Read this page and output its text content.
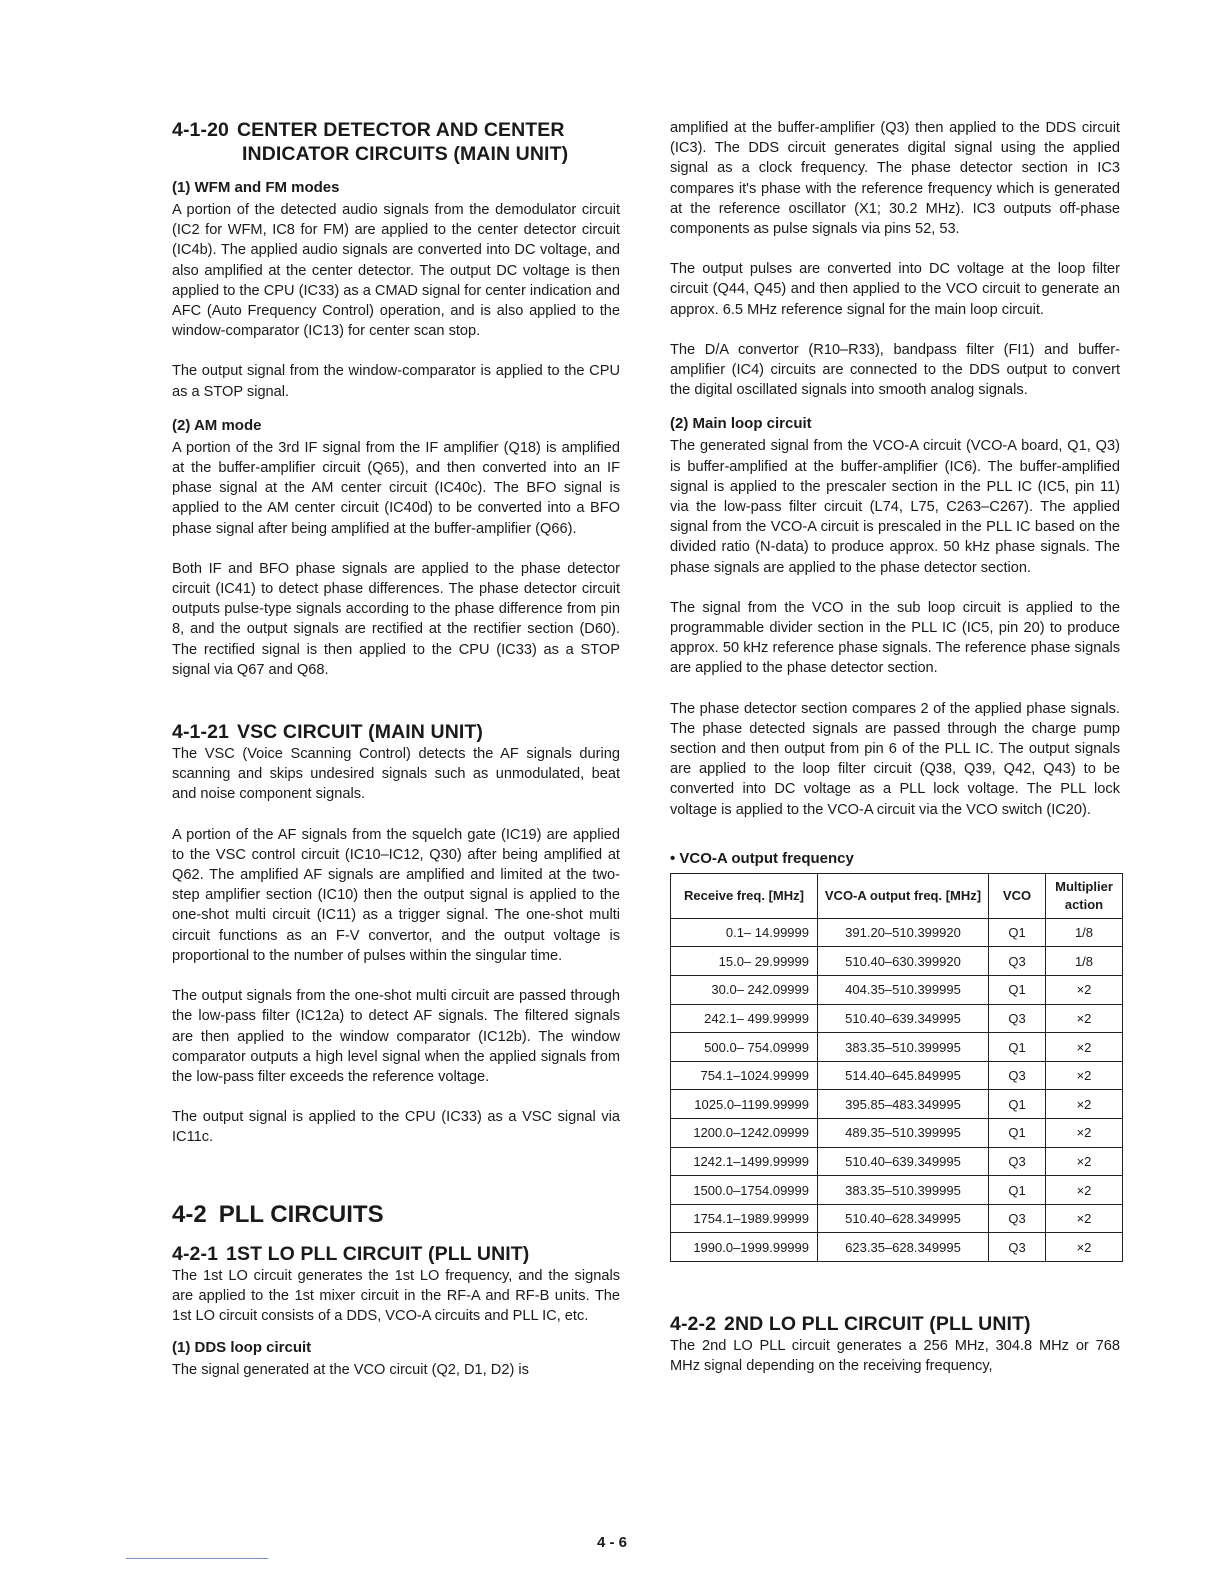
4-1-20 CENTER DETECTOR AND CENTER
INDICATOR CIRCUITS (MAIN UNIT)
(1) WFM and FM modes

A portion of the detected audio signals from the demodulator circuit (IC2 for WFM, IC8 for FM) are applied to the center detector circuit (IC4b). The applied audio signals are converted into DC voltage, and also amplified at the center detector. The output DC voltage is then applied to the CPU (IC33) as a CMAD signal for center indication and AFC (Auto Frequency Control) operation, and is also applied to the window-comparator (IC13) for center scan stop.

The output signal from the window-comparator is applied to the CPU as a STOP signal.

(2) AM mode

A portion of the 3rd IF signal from the IF amplifier (Q18) is amplified at the buffer-amplifier circuit (Q65), and then converted into an IF phase signal at the AM center circuit (IC40c). The BFO signal is applied to the AM center circuit (IC40d) to be converted into a BFO phase signal after being amplified at the buffer-amplifier (Q66).

Both IF and BFO phase signals are applied to the phase detector circuit (IC41) to detect phase differences. The phase detector circuit outputs pulse-type signals according to the phase difference from pin 8, and the output signals are rectified at the rectifier section (D60). The rectified signal is then applied to the CPU (IC33) as a STOP signal via Q67 and Q68.

4-1-21 VSC CIRCUIT (MAIN UNIT)

The VSC (Voice Scanning Control) detects the AF signals during scanning and skips undesired signals such as unmodulated, beat and noise component signals.

A portion of the AF signals from the squelch gate (IC19) are applied to the VSC control circuit (IC10–IC12, Q30) after being amplified at Q62. The amplified AF signals are amplified and limited at the two-step amplifier section (IC10) then the output signal is applied to the one-shot multi circuit (IC11) as a trigger signal. The one-shot multi circuit functions as an F-V convertor, and the output voltage is proportional to the number of pulses within the singular time.

The output signals from the one-shot multi circuit are passed through the low-pass filter (IC12a) to detect AF signals. The filtered signals are then applied to the window comparator (IC12b). The window comparator outputs a high level signal when the applied signals from the low-pass filter exceeds the reference voltage.

The output signal is applied to the CPU (IC33) as a VSC signal via IC11c.

4-2 PLL CIRCUITS
4-2-1 1ST LO PLL CIRCUIT (PLL UNIT)

The 1st LO circuit generates the 1st LO frequency, and the signals are applied to the 1st mixer circuit in the RF-A and RF-B units. The 1st LO circuit consists of a DDS, VCO-A circuits and PLL IC, etc.

(1) DDS loop circuit

The signal generated at the VCO circuit (Q2, D1, D2) is

amplified at the buffer-amplifier (Q3) then applied to the DDS circuit (IC3). The DDS circuit generates digital signal using the applied signal as a clock frequency. The phase detector section in IC3 compares it's phase with the reference frequency which is generated at the reference oscillator (X1; 30.2 MHz). IC3 outputs off-phase components as pulse signals via pins 52, 53.

The output pulses are converted into DC voltage at the loop filter circuit (Q44, Q45) and then applied to the VCO circuit to generate an approx. 6.5 MHz reference signal for the main loop circuit.

The D/A convertor (R10–R33), bandpass filter (FI1) and buffer-amplifier (IC4) circuits are connected to the DDS output to convert the digital oscillated signals into smooth analog signals.

(2) Main loop circuit

The generated signal from the VCO-A circuit (VCO-A board, Q1, Q3) is buffer-amplified at the buffer-amplifier (IC6). The buffer-amplified signal is applied to the prescaler section in the PLL IC (IC5, pin 11) via the low-pass filter circuit (L74, L75, C263–C267). The applied signal from the VCO-A circuit is prescaled in the PLL IC based on the divided ratio (N-data) to produce approx. 50 kHz phase signals. The phase signals are applied to the phase detector section.

The signal from the VCO in the sub loop circuit is applied to the programmable divider section in the PLL IC (IC5, pin 20) to produce approx. 50 kHz reference phase signals. The reference phase signals are applied to the phase detector section.

The phase detector section compares 2 of the applied phase signals. The phase detected signals are passed through the charge pump section and then output from pin 6 of the PLL IC. The output signals are applied to the loop filter circuit (Q38, Q39, Q42, Q43) to be converted into DC voltage as a PLL lock voltage. The PLL lock voltage is applied to the VCO-A circuit via the VCO switch (IC20).

• VCO-A output frequency
Receive freq. [MHz]	VCO-A output freq. [MHz]	VCO	Multiplier action
0.1– 14.99999	391.20–510.399920	Q1	1/8
15.0– 29.99999	510.40–630.399920	Q3	1/8
30.0– 242.09999	404.35–510.399995	Q1	×2
242.1– 499.99999	510.40–639.349995	Q3	×2
500.0– 754.09999	383.35–510.399995	Q1	×2
754.1–1024.99999	514.40–645.849995	Q3	×2
1025.0–1199.99999	395.85–483.349995	Q1	×2
1200.0–1242.09999	489.35–510.399995	Q1	×2
1242.1–1499.99999	510.40–639.349995	Q3	×2
1500.0–1754.09999	383.35–510.399995	Q1	×2
1754.1–1989.99999	510.40–628.349995	Q3	×2
1990.0–1999.99999	623.35–628.349995	Q3	×2
4-2-2 2ND LO PLL CIRCUIT (PLL UNIT)

The 2nd LO PLL circuit generates a 256 MHz, 304.8 MHz or 768 MHz signal depending on the receiving frequency,

4 - 6
